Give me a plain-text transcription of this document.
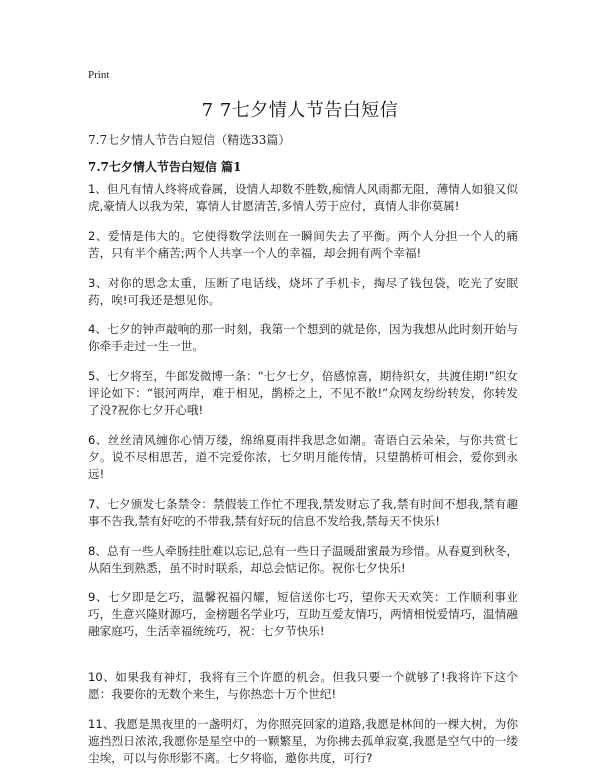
Print
7 7七夕情人节告白短信
7.7七夕情人节告白短信（精选33篇）
7.7七夕情人节告白短信 篇1
1、但凡有情人终将成眷属，设情人却数不胜数,痴情人风雨都无阻，薄情人如狼又似虎,豪情人以我为荣，寡情人甘愿清苦,多情人劳于应付，真情人非你莫属!
2、爱情是伟大的。它使得数学法则在一瞬间失去了平衡。两个人分担一个人的痛苦，只有半个痛苦;两个人共享一个人的幸福，却会拥有两个幸福!
3、对你的思念太重，压断了电话线，烧坏了手机卡，掏尽了钱包袋，吃光了安眠药，唉!可我还是想见你。
4、七夕的钟声敲响的那一时刻，我第一个想到的就是你，因为我想从此时刻开始与你牵手走过一生一世。
5、七夕将至，牛郎发微博一条：“七夕七夕，倍感惊喜，期待织女，共渡佳期!”织女评论如下：“银河两岸，难于相见，鹊桥之上，不见不散!”众网友纷纷转发，你转发了没?祝你七夕开心哦!
6、丝丝清风缠你心情万缕，绵绵夏雨拌我思念如潮。寄语白云朵朵，与你共赏七夕。说不尽相思苦，道不完爱你浓，七夕明月能传情，只望鹊桥可相会，爱你到永远!
7、七夕颁发七条禁令：禁假装工作忙不理我,禁发财忘了我,禁有时间不想我,禁有趣事不告我,禁有好吃的不带我,禁有好玩的信息不发给我,禁每天不快乐!
8、总有一些人牵肠挂肚难以忘记,总有一些日子温暖甜蜜最为珍惜。从春夏到秋冬，从陌生到熟悉，虽不时时联系，却总会惦记你。祝你七夕快乐!
9、七夕即是乞巧，温馨祝福闪耀，短信送你七巧，望你天天欢笑：工作顺利事业巧，生意兴隆财源巧，金榜题名学业巧，互助互爱友情巧，两情相悦爱情巧，温情融融家庭巧，生活幸福统统巧，祝：七夕节快乐!
10、如果我有神灯，我将有三个许愿的机会。但我只要一个就够了!我将许下这个愿：我要你的无数个来生，与你热恋十万个世纪!
11、我愿是黑夜里的一盏明灯，为你照亮回家的道路,我愿是林间的一棵大树，为你遮挡烈日浓浓,我愿你是星空中的一颗繁星，为你拂去孤单寂寞,我愿是空气中的一缕尘埃，可以与你形影不离。七夕将临，邀你共度，可行?
